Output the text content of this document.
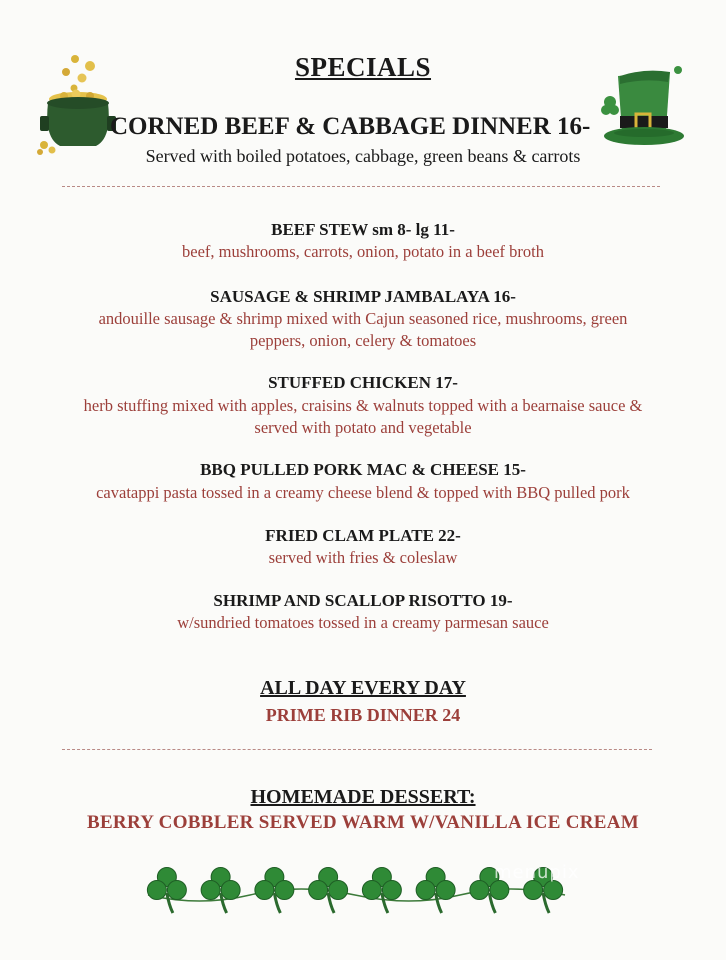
SPECIALS
CORNED BEEF & CABBAGE DINNER 16-
Served with boiled potatoes, cabbage, green beans & carrots
BEEF STEW sm 8- lg 11-
beef, mushrooms, carrots, onion, potato in a beef broth
SAUSAGE & SHRIMP JAMBALAYA 16-
andouille sausage & shrimp mixed with Cajun seasoned rice, mushrooms, green
peppers, onion, celery & tomatoes
STUFFED CHICKEN 17-
herb stuffing mixed with apples, craisins & walnuts topped with a bearnaise sauce &
served with potato and vegetable
BBQ PULLED PORK MAC & CHEESE 15-
cavatappi pasta tossed in a creamy cheese blend & topped with BBQ pulled pork
FRIED CLAM PLATE 22-
served with fries & coleslaw
SHRIMP AND SCALLOP RISOTTO 19-
w/sundried tomatoes tossed in a creamy parmesan sauce
ALL DAY EVERY DAY
PRIME RIB DINNER 24
HOMEMADE DESSERT:
BERRY COBBLER SERVED WARM W/VANILLA ICE CREAM
menupix
